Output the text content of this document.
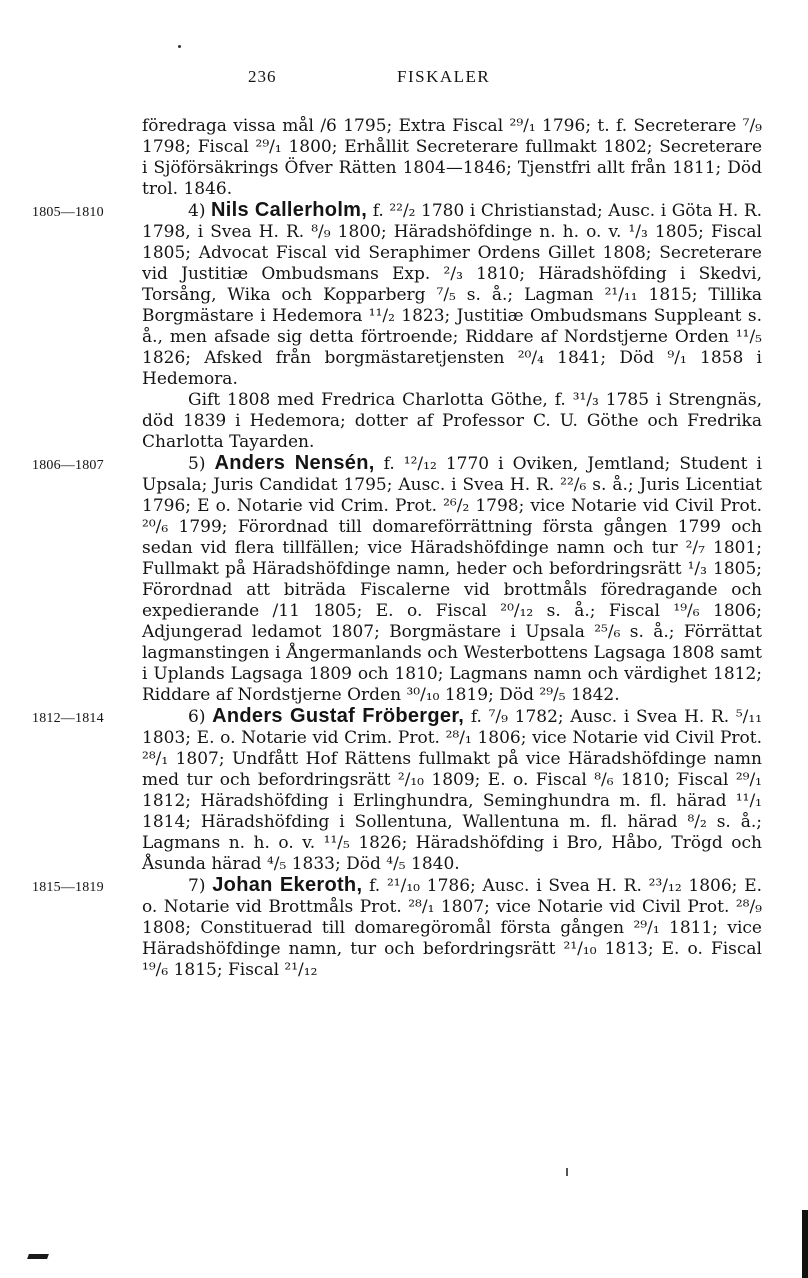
236	FISKALER

föredraga vissa mål /6 1795; Extra Fiscal ²⁹/₁ 1796; t. f. Secreterare ⁷/₉ 1798; Fiscal ²⁹/₁ 1800; Erhållit Secreterare fullmakt 1802; Secreterare i Sjöförsäkrings Öfver Rätten 1804—1846; Tjenstfri allt från 1811; Död trol. 1846.

1805—1810	4) Nils Callerholm, f. ²²/₂ 1780 i Christianstad; Ausc. i Göta H. R. 1798, i Svea H. R. ⁸/₉ 1800; Häradshöfdinge n. h. o. v. ¹/₃ 1805; Fiscal 1805; Advocat Fiscal vid Seraphimer Ordens Gillet 1808; Secreterare vid Justitiæ Ombudsmans Exp. ²/₃ 1810; Häradshöfding i Skedvi, Torsång, Wika och Kopparberg ⁷/₅ s. å.; Lagman ²¹/₁₁ 1815; Tillika Borgmästare i Hedemora ¹¹/₂ 1823; Justitiæ Ombudsmans Suppleant s. å., men afsade sig detta förtroende; Riddare af Nordstjerne Orden ¹¹/₅ 1826; Afsked från borgmästaretjensten ²⁰/₄ 1841; Död ⁹/₁ 1858 i Hedemora.

Gift 1808 med Fredrica Charlotta Göthe, f. ³¹/₃ 1785 i Strengnäs, död 1839 i Hedemora; dotter af Professor C. U. Göthe och Fredrika Charlotta Tayarden.

1806—1807	5) Anders Nensén, f. ¹²/₁₂ 1770 i Oviken, Jemtland; Student i Upsala; Juris Candidat 1795; Ausc. i Svea H. R. ²²/₆ s. å.; Juris Licentiat 1796; E o. Notarie vid Crim. Prot. ²⁶/₂ 1798; vice Notarie vid Civil Prot. ²⁰/₆ 1799; Förordnad till domareförrättning första gången 1799 och sedan vid flera tillfällen; vice Häradshöfdinge namn och tur ²/₇ 1801; Fullmakt på Häradshöfdinge namn, heder och befordringsrätt ¹/₃ 1805; Förordnad att biträda Fiscalerne vid brottmåls föredragande och expedierande /11 1805; E. o. Fiscal ²⁰/₁₂ s. å.; Fiscal ¹⁹/₆ 1806; Adjungerad ledamot 1807; Borgmästare i Upsala ²⁵/₆ s. å.; Förrättat lagmanstingen i Ångermanlands och Westerbottens Lagsaga 1808 samt i Uplands Lagsaga 1809 och 1810; Lagmans namn och värdighet 1812; Riddare af Nordstjerne Orden ³⁰/₁₀ 1819; Död ²⁹/₅ 1842.

1812—1814	6) Anders Gustaf Fröberger, f. ⁷/₉ 1782; Ausc. i Svea H. R. ⁵/₁₁ 1803; E. o. Notarie vid Crim. Prot. ²⁸/₁ 1806; vice Notarie vid Civil Prot. ²⁸/₁ 1807; Undfått Hof Rättens fullmakt på vice Häradshöfdinge namn med tur och befordringsrätt ²/₁₀ 1809; E. o. Fiscal ⁸/₆ 1810; Fiscal ²⁹/₁ 1812; Häradshöfding i Erlinghundra, Seminghundra m. fl. härad ¹¹/₁ 1814; Häradshöfding i Sollentuna, Wallentuna m. fl. härad ⁸/₂ s. å.; Lagmans n. h. o. v. ¹¹/₅ 1826; Häradshöfding i Bro, Håbo, Trögd och Åsunda härad ⁴/₅ 1833; Död ⁴/₅ 1840.

1815—1819	7) Johan Ekeroth, f. ²¹/₁₀ 1786; Ausc. i Svea H. R. ²³/₁₂ 1806; E. o. Notarie vid Brottmåls Prot. ²⁸/₁ 1807; vice Notarie vid Civil Prot. ²⁸/₉ 1808; Constituerad till domaregöromål första gången ²⁹/₁ 1811; vice Häradshöfdinge namn, tur och befordringsrätt ²¹/₁₀ 1813; E. o. Fiscal ¹⁹/₆ 1815; Fiscal ²¹/₁₂
